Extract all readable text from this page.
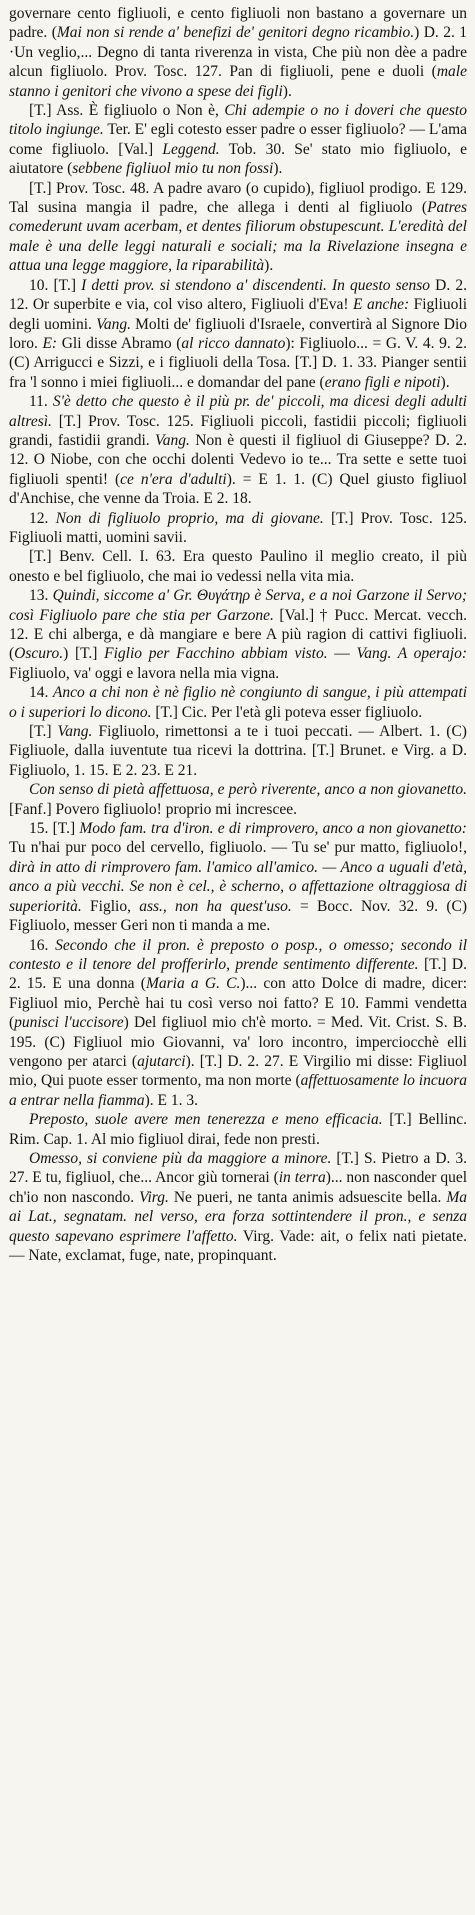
governare cento figliuoli, e cento figliuoli non bastano a governare un padre. (Mai non si rende a' benefizi de' genitori degno ricambio.) D. 2. 1 ·Un veglio,... Degno di tanta riverenza in vista, Che più non dèe a padre alcun figliuolo. Prov. Tosc. 127. Pan di figliuoli, pene e duoli (male stanno i genitori che vivono a spese dei figli).

[T.] Ass. È figliuolo o Non è, Chi adempie o no i doveri che questo titolo ingiunge. Ter. E' egli cotesto esser padre o esser figliuolo? — L'ama come figliuolo. [Val.] Leggend. Tob. 30. Se' stato mio figliuolo, e aiutatore (sebbene figliuol mio tu non fossi).

[T.] Prov. Tosc. 48. A padre avaro (o cupido), figliuol prodigo. E 129. Tal susina mangia il padre, che allega i denti al figliuolo (Patres comederunt uvam acerbam, et dentes filiorum obstupescunt. L'eredità del male è una delle leggi naturali e sociali; ma la Rivelazione insegna e attua una legge maggiore, la riparabilità).

10. [T.] I detti prov. si stendono a' discendenti. In questo senso D. 2. 12. Or superbite e via, col viso altero, Figliuoli d'Eva! E anche: Figliuoli degli uomini. Vang. Molti de' figliuoli d'Israele, convertirà al Signore Dio loro. E: Gli disse Abramo (al ricco dannato): Figliuolo... = G. V. 4. 9. 2. (C) Arrigucci e Sizzi, e i figliuoli della Tosa. [T.] D. 1. 33. Pianger sentii fra 'l sonno i miei figliuoli... e domandar del pane (erano figli e nipoti).

11. S'è detto che questo è il più pr. de' piccoli, ma dicesi degli adulti altresì. [T.] Prov. Tosc. 125. Figliuoli piccoli, fastidii piccoli; figliuoli grandi, fastidii grandi. Vang. Non è questi il figliuol di Giuseppe? D. 2. 12. O Niobe, con che occhi dolenti Vedevo io te... Tra sette e sette tuoi figliuoli spenti! (ce n'era d'adulti). = E 1. 1. (C) Quel giusto figliuol d'Anchise, che venne da Troia. E 2. 18.

12. Non di figliuolo proprio, ma di giovane. [T.] Prov. Tosc. 125. Figliuoli matti, uomini savii.

[T.] Benv. Cell. I. 63. Era questo Paulino il meglio creato, il più onesto e bel figliuolo, che mai io vedessi nella vita mia.

13. Quindi, siccome a' Gr. Θυγάτηρ è Serva, e a noi Garzone il Servo; così Figliuolo pare che stia per Garzone. [Val.] † Pucc. Mercat. vecch. 12. E chi alberga, e dà mangiare e bere A più ragion di cattivi figliuoli. (Oscuro.) [T.] Figlio per Facchino abbiam visto. — Vang. A operajo: Figliuolo, va' oggi e lavora nella mia vigna.

14. Anco a chi non è nè figlio nè congiunto di sangue, i più attempati o i superiori lo dicono. [T.] Cic. Per l'età gli poteva esser figliuolo.

[T.] Vang. Figliuolo, rimettonsi a te i tuoi peccati. — Albert. 1. (C) Figliuole, dalla iuventute tua ricevi la dottrina. [T.] Brunet. e Virg. a D. Figliuolo, 1. 15. E 2. 23. E 21.

Con senso di pietà affettuosa, e però riverente, anco a non giovanetto. [Fanf.] Povero figliuolo! proprio mi increscee.

15. [T.] Modo fam. tra d'iron. e di rimprovero, anco a non giovanetto: Tu n'hai pur poco del cervello, figliuolo. — Tu se' pur matto, figliuolo!, dirà in atto di rimprovero fam. l'amico all'amico. — Anco a uguali d'età, anco a più vecchi. Se non è cel., è scherno, o affettazione oltraggiosa di superiorità. Figlio, ass., non ha quest'uso. = Bocc. Nov. 32. 9. (C) Figliuolo, messer Geri non ti manda a me.

16. Secondo che il pron. è preposto o posp., o omesso; secondo il contesto e il tenore del profferirlo, prende sentimento differente. [T.] D. 2. 15. E una donna (Maria a G. C.)... con atto Dolce di madre, dicer: Figliuol mio, Perchè hai tu così verso noi fatto? E 10. Fammi vendetta (punisci l'uccisore) Del figliuol mio ch'è morto. = Med. Vit. Crist. S. B. 195. (C) Figliuol mio Giovanni, va' loro incontro, imperciocchè elli vengono per atarci (ajutarci). [T.] D. 2. 27. E Virgilio mi disse: Figliuol mio, Qui puote esser tormento, ma non morte (affettuosamente lo incuora a entrar nella fiamma). E 1. 3.

Preposto, suole avere men tenerezza e meno efficacia. [T.] Bellinc. Rim. Cap. 1. Al mio figliuol dirai, fede non presti.

Omesso, si conviene più da maggiore a minore. [T.] S. Pietro a D. 3. 27. E tu, figliuol, che... Ancor giù tornerai (in terra)... non nasconder quel ch'io non nascondo. Virg. Ne pueri, ne tanta animis adsuescite bella. Ma ai Lat., segnatam. nel verso, era forza sottintendere il pron., e senza questo sapevano esprimere l'affetto. Virg. Vade: ait, o felix nati pietate. — Nate, exclamat, fuge, nate, propinquant.
